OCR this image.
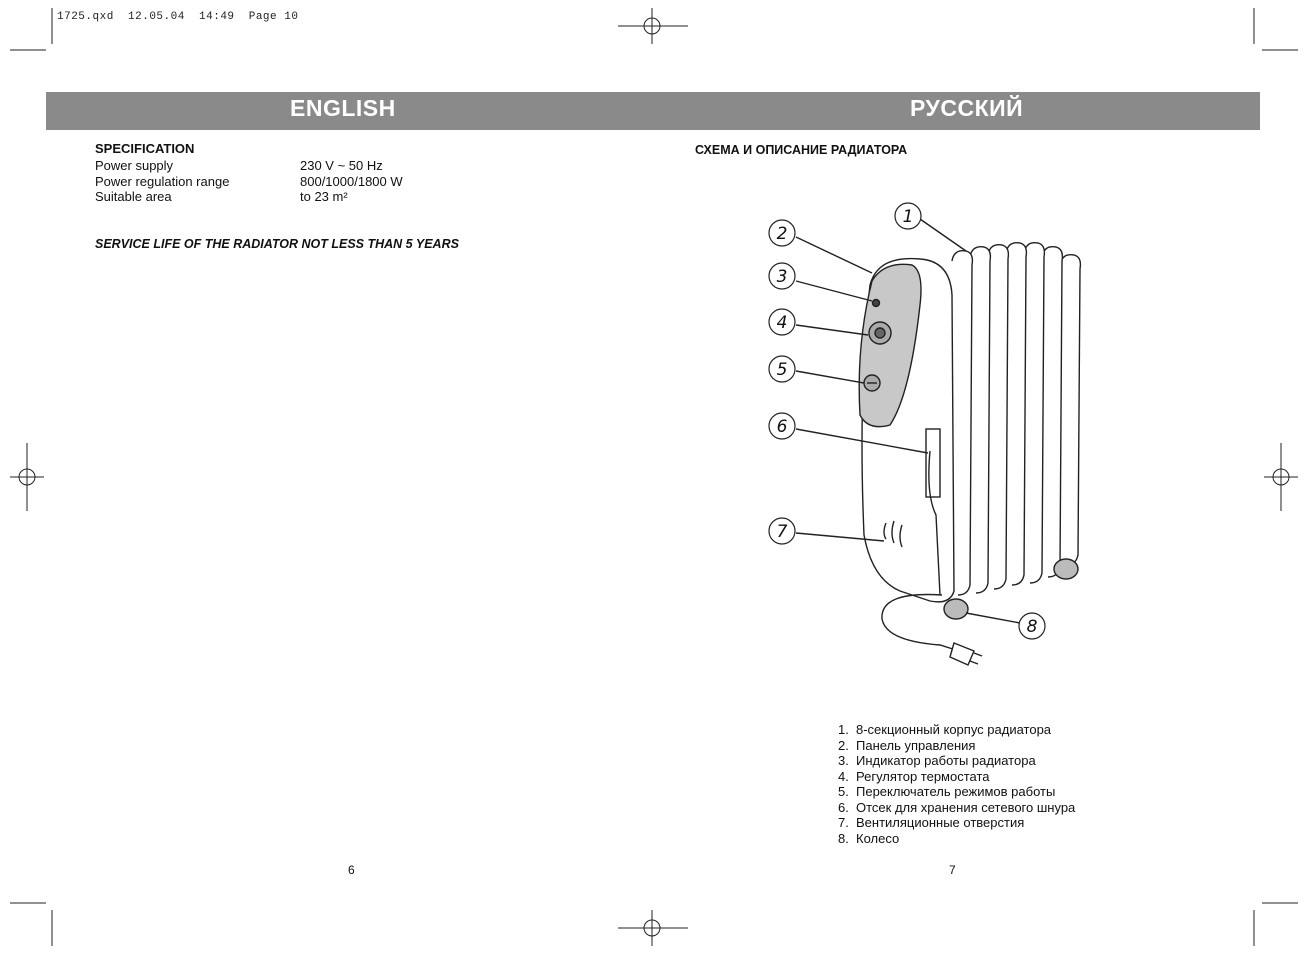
1725.qxd  12.05.04  14:49  Page 10
ENGLISH	РУССКИЙ
SPECIFICATION
Power supply	230 V ~ 50 Hz
Power regulation range	800/1000/1800 W
Suitable area	to 23 m²
SERVICE LIFE OF THE RADIATOR NOT LESS THAN 5 YEARS
6
СХЕМА И ОПИСАНИЕ РАДИАТОРА
1
2
3
4
5
6
7
8
1. 8-секционный корпус радиатора
2. Панель управления
3. Индикатор работы радиатора
4. Регулятор термостата
5. Переключатель режимов работы
6. Отсек для хранения сетевого шнура
7. Вентиляционные отверстия
8. Колесо
7
